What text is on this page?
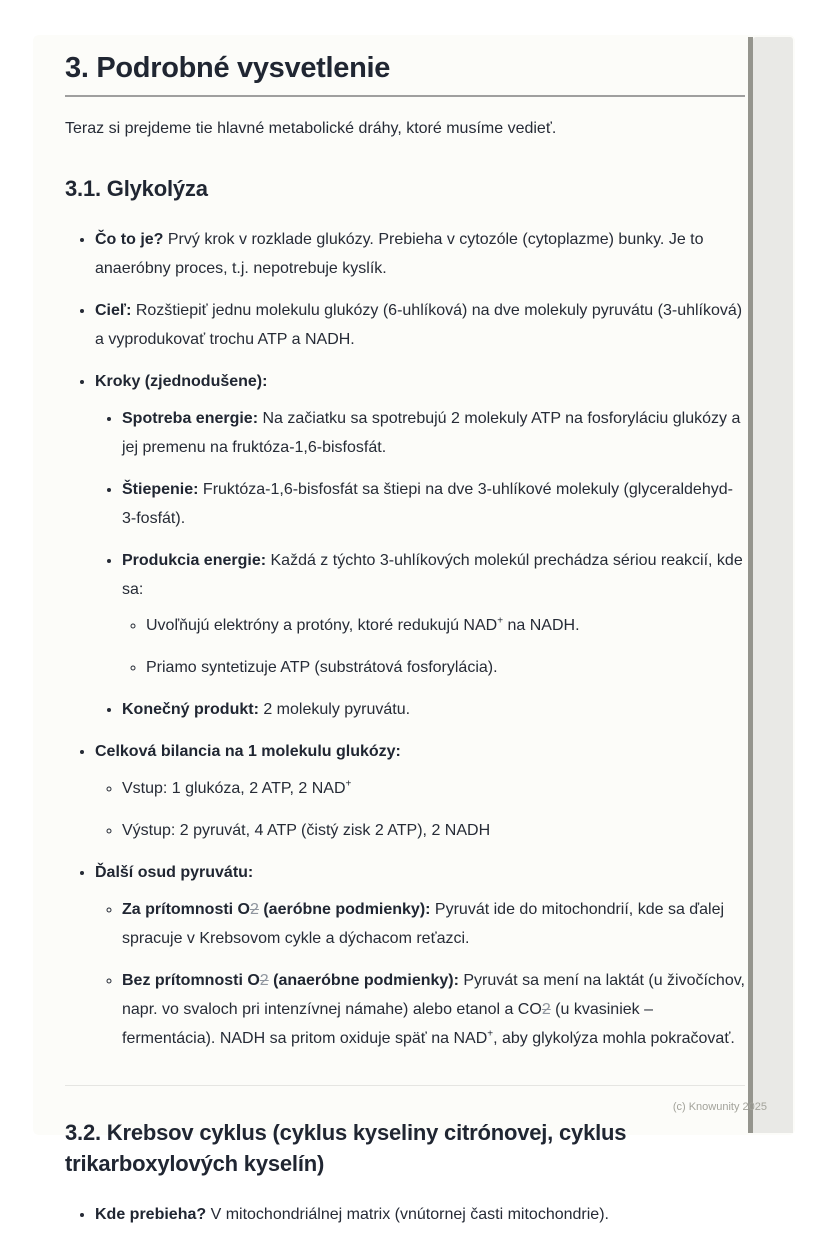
3. Podrobné vysvetlenie

Teraz si prejdeme tie hlavné metabolické dráhy, ktoré musíme vedieť.

3.1. Glykolýza
• Čo to je? Prvý krok v rozklade glukózy. Prebieha v cytozóle (cytoplazme) bunky. Je to anaeróbny proces, t.j. nepotrebuje kyslík.
• Cieľ: Rozštiepiť jednu molekulu glukózy (6-uhlíková) na dve molekuly pyruvátu (3-uhlíková) a vyprodukovať trochu ATP a NADH.
• Kroky (zjednodušene):
• Spotreba energie: Na začiatku sa spotrebujú 2 molekuly ATP na fosforyláciu glukózy a jej premenu na fruktóza-1,6-bisfosfát.
• Štiepenie: Fruktóza-1,6-bisfosfát sa štiepi na dve 3-uhlíkové molekuly (glyceraldehyd-3-fosfát).
• Produkcia energie: Každá z týchto 3-uhlíkových molekúl prechádza sériou reakcií, kde sa:
◦ Uvoľňujú elektróny a protóny, ktoré redukujú NAD+ na NADH.
◦ Priamo syntetizuje ATP (substrátová fosforylácia).
• Konečný produkt: 2 molekuly pyruvátu.
• Celková bilancia na 1 molekulu glukózy:
◦ Vstup: 1 glukóza, 2 ATP, 2 NAD+
◦ Výstup: 2 pyruvát, 4 ATP (čistý zisk 2 ATP), 2 NADH
• Ďalší osud pyruvátu:
◦ Za prítomnosti O2 (aeróbne podmienky): Pyruvát ide do mitochondrií, kde sa ďalej spracuje v Krebsovom cykle a dýchacom reťazci.
◦ Bez prítomnosti O2 (anaeróbne podmienky): Pyruvát sa mení na laktát (u živočíchov, napr. vo svaloch pri intenzívnej námahe) alebo etanol a CO2 (u kvasiniek – fermentácia). NADH sa pritom oxiduje späť na NAD+, aby glykolýza mohla pokračovať.
3.2. Krebsov cyklus (cyklus kyseliny citrónovej, cyklus trikarboxylových kyselín)
• Kde prebieha? V mitochondriálnej matrix (vnútornej časti mitochondrie).
(c) Knowunity 2025
